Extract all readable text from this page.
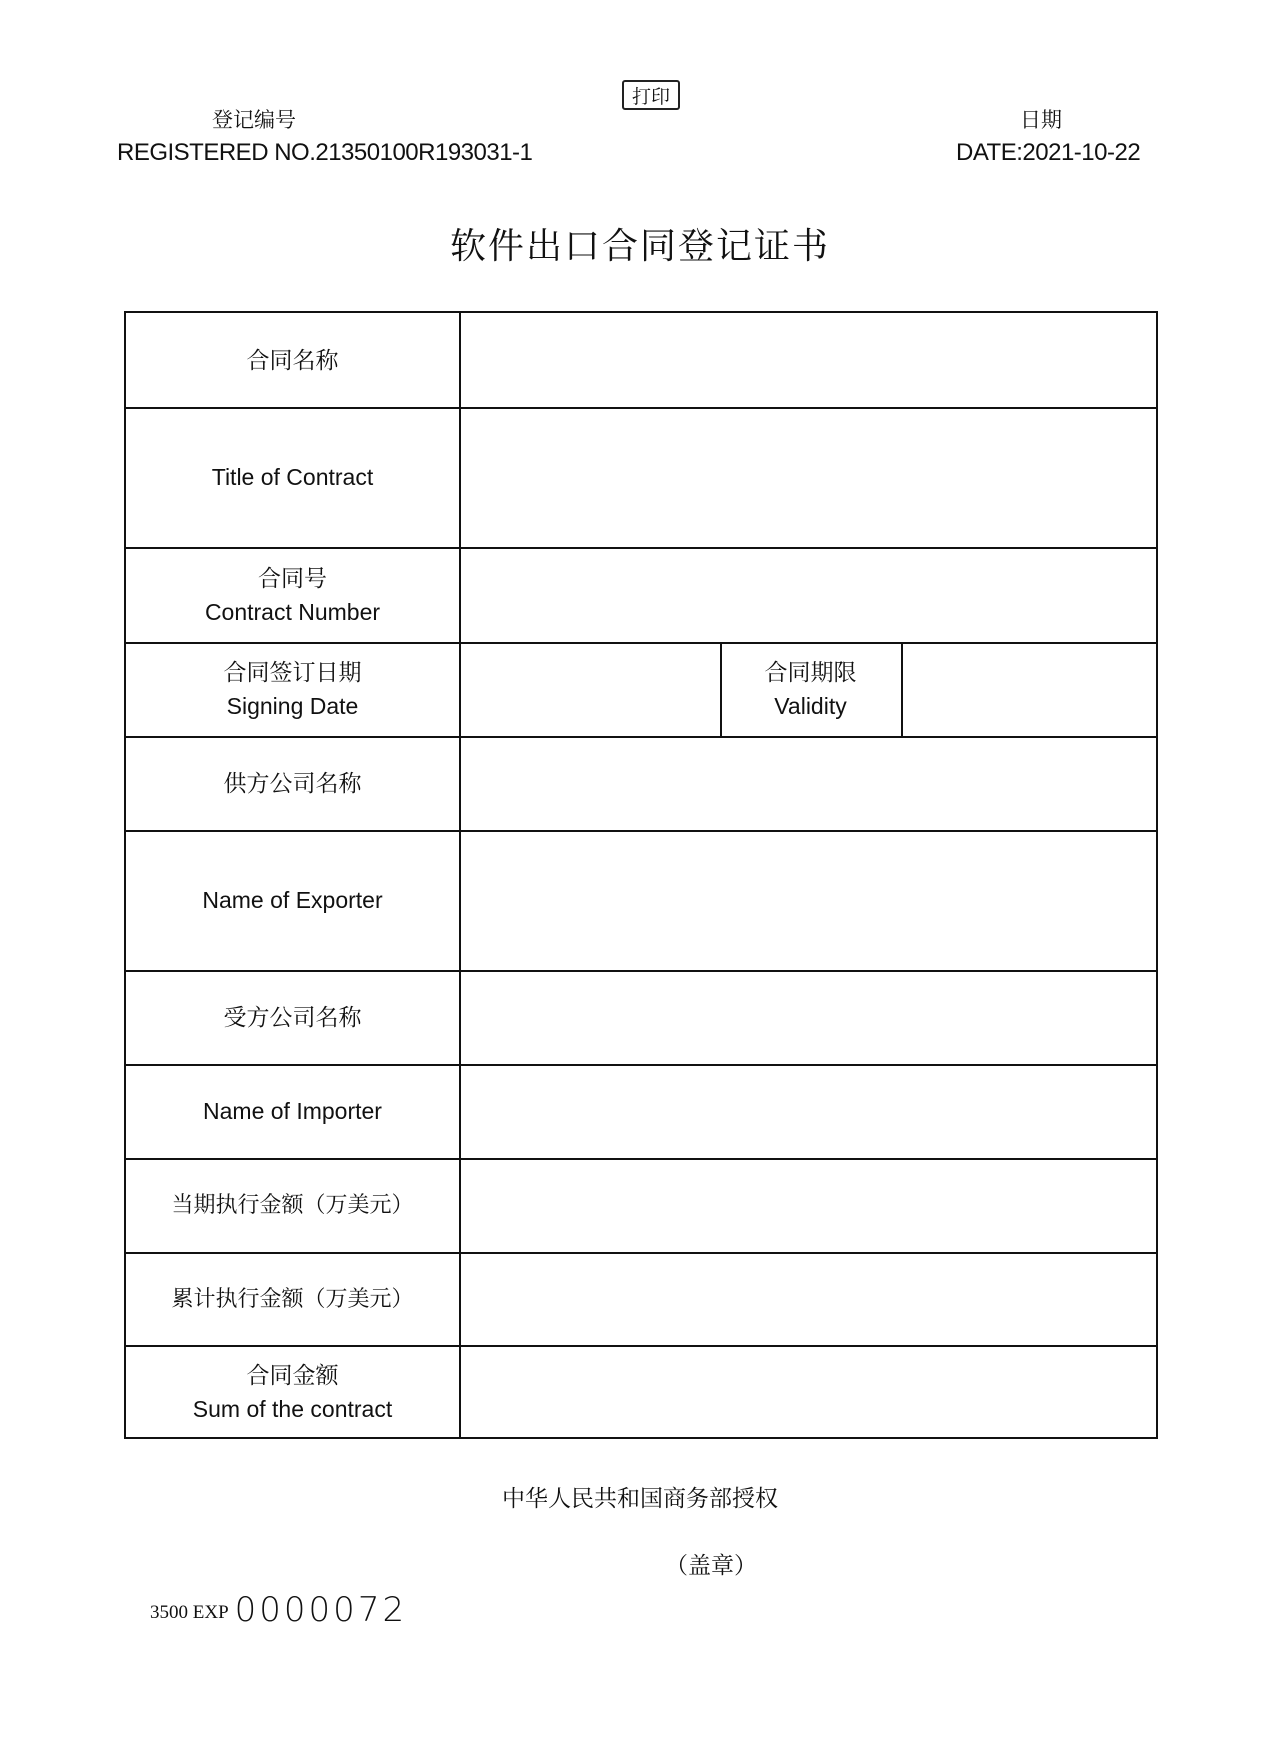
打印
登记编号
REGISTERED NO.21350100R193031-1
日期
DATE:2021-10-22
软件出口合同登记证书
合同名称
Title of Contract
合同号
Contract Number
合同签订日期
Signing Date
合同期限
Validity
供方公司名称
Name of Exporter
受方公司名称
Name of Importer
当期执行金额（万美元）
累计执行金额（万美元）
合同金额
Sum of the contract
中华人民共和国商务部授权
（盖章）
3500 EXP 0000072
